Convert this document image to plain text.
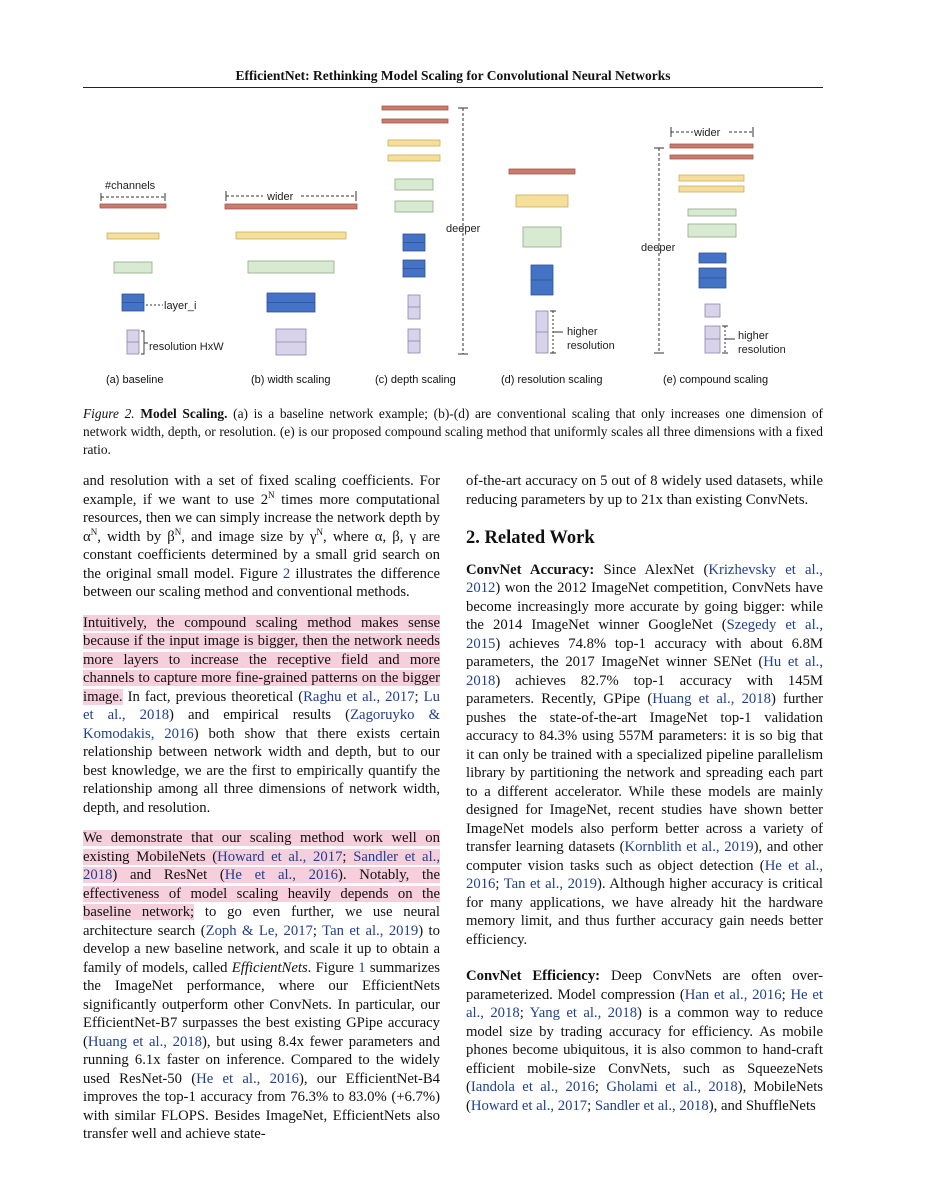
EfficientNet: Rethinking Model Scaling for Convolutional Neural Networks
#channels
layer_i
resolution HxW
(a) baseline
wider
(b) width scaling
deeper
(c) depth scaling
higher
resolution
(d) resolution scaling
wider
deeper
higher
resolution
(e) compound scaling
Figure 2. Model Scaling. (a) is a baseline network example; (b)-(d) are conventional scaling that only increases one dimension of network width, depth, or resolution. (e) is our proposed compound scaling method that uniformly scales all three dimensions with a fixed ratio.

and resolution with a set of fixed scaling coefficients. For example, if we want to use $2^N$ times more computational resources, then we can simply increase the network depth by $\alpha^N$, width by $\beta^N$, and image size by $\gamma^N$, where α, β, γ are constant coefficients determined by a small grid search on the original small model. Figure 2 illustrates the difference between our scaling method and conventional methods.

Intuitively, the compound scaling method makes sense because if the input image is bigger, then the network needs more layers to increase the receptive field and more channels to capture more fine-grained patterns on the bigger image. In fact, previous theoretical (Raghu et al., 2017; Lu et al., 2018) and empirical results (Zagoruyko & Komodakis, 2016) both show that there exists certain relationship between network width and depth, but to our best knowledge, we are the first to empirically quantify the relationship among all three dimensions of network width, depth, and resolution.

We demonstrate that our scaling method work well on existing MobileNets (Howard et al., 2017; Sandler et al., 2018) and ResNet (He et al., 2016). Notably, the effectiveness of model scaling heavily depends on the baseline network; to go even further, we use neural architecture search (Zoph & Le, 2017; Tan et al., 2019) to develop a new baseline network, and scale it up to obtain a family of models, called EfficientNets. Figure 1 summarizes the ImageNet performance, where our EfficientNets significantly outperform other ConvNets. In particular, our EfficientNet-B7 surpasses the best existing GPipe accuracy (Huang et al., 2018), but using 8.4x fewer parameters and running 6.1x faster on inference. Compared to the widely used ResNet-50 (He et al., 2016), our EfficientNet-B4 improves the top-1 accuracy from 76.3% to 83.0% (+6.7%) with similar FLOPS. Besides ImageNet, EfficientNets also transfer well and achieve state-

of-the-art accuracy on 5 out of 8 widely used datasets, while reducing parameters by up to 21x than existing ConvNets.

2. Related Work

ConvNet Accuracy: Since AlexNet (Krizhevsky et al., 2012) won the 2012 ImageNet competition, ConvNets have become increasingly more accurate by going bigger: while the 2014 ImageNet winner GoogleNet (Szegedy et al., 2015) achieves 74.8% top-1 accuracy with about 6.8M parameters, the 2017 ImageNet winner SENet (Hu et al., 2018) achieves 82.7% top-1 accuracy with 145M parameters. Recently, GPipe (Huang et al., 2018) further pushes the state-of-the-art ImageNet top-1 validation accuracy to 84.3% using 557M parameters: it is so big that it can only be trained with a specialized pipeline parallelism library by partitioning the network and spreading each part to a different accelerator. While these models are mainly designed for ImageNet, recent studies have shown better ImageNet models also perform better across a variety of transfer learning datasets (Kornblith et al., 2019), and other computer vision tasks such as object detection (He et al., 2016; Tan et al., 2019). Although higher accuracy is critical for many applications, we have already hit the hardware memory limit, and thus further accuracy gain needs better efficiency.

ConvNet Efficiency: Deep ConvNets are often over-parameterized. Model compression (Han et al., 2016; He et al., 2018; Yang et al., 2018) is a common way to reduce model size by trading accuracy for efficiency. As mobile phones become ubiquitous, it is also common to hand-craft efficient mobile-size ConvNets, such as SqueezeNets (Iandola et al., 2016; Gholami et al., 2018), MobileNets (Howard et al., 2017; Sandler et al., 2018), and ShuffleNets
